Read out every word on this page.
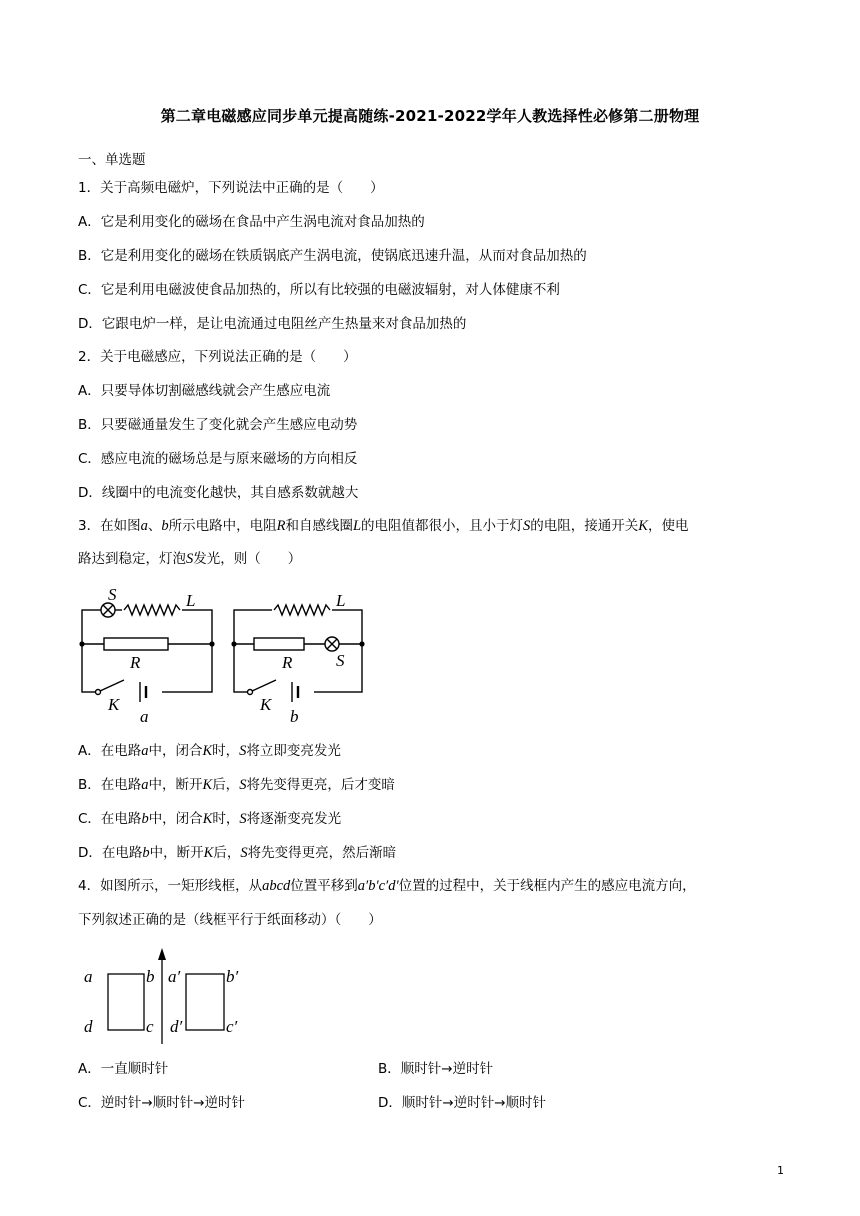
第二章电磁感应同步单元提高随练-2021-2022学年人教选择性必修第二册物理
一、单选题
1．关于高频电磁炉，下列说法中正确的是（　　）
A．它是利用变化的磁场在食品中产生涡电流对食品加热的
B．它是利用变化的磁场在铁质锅底产生涡电流，使锅底迅速升温，从而对食品加热的
C．它是利用电磁波使食品加热的，所以有比较强的电磁波辐射，对人体健康不利
D．它跟电炉一样，是让电流通过电阻丝产生热量来对食品加热的
2．关于电磁感应，下列说法正确的是（　　）
A．只要导体切割磁感线就会产生感应电流
B．只要磁通量发生了变化就会产生感应电动势
C．感应电流的磁场总是与原来磁场的方向相反
D．线圈中的电流变化越快，其自感系数就越大
3．在如图a、b所示电路中，电阻R和自感线圈L的电阻值都很小，且小于灯S的电阻，接通开关K，使电
路达到稳定，灯泡S发光，则（　　）
S	L
R
K
a
L
R	S
K
b
A．在电路a中，闭合K时，S将立即变亮发光
B．在电路a中，断开K后，S将先变得更亮，后才变暗
C．在电路b中，闭合K时，S将逐渐变亮发光
D．在电路b中，断开K后，S将先变得更亮，然后渐暗
4．如图所示，一矩形线框，从abcd位置平移到a′b′c′d′位置的过程中，关于线框内产生的感应电流方向，
下列叙述正确的是（线框平行于纸面移动）（　　）
a	b
d	c
a′	b′
d′	c′
A．一直顺时针	B．顺时针→逆时针
C．逆时针→顺时针→逆时针	D．顺时针→逆时针→顺时针
1
